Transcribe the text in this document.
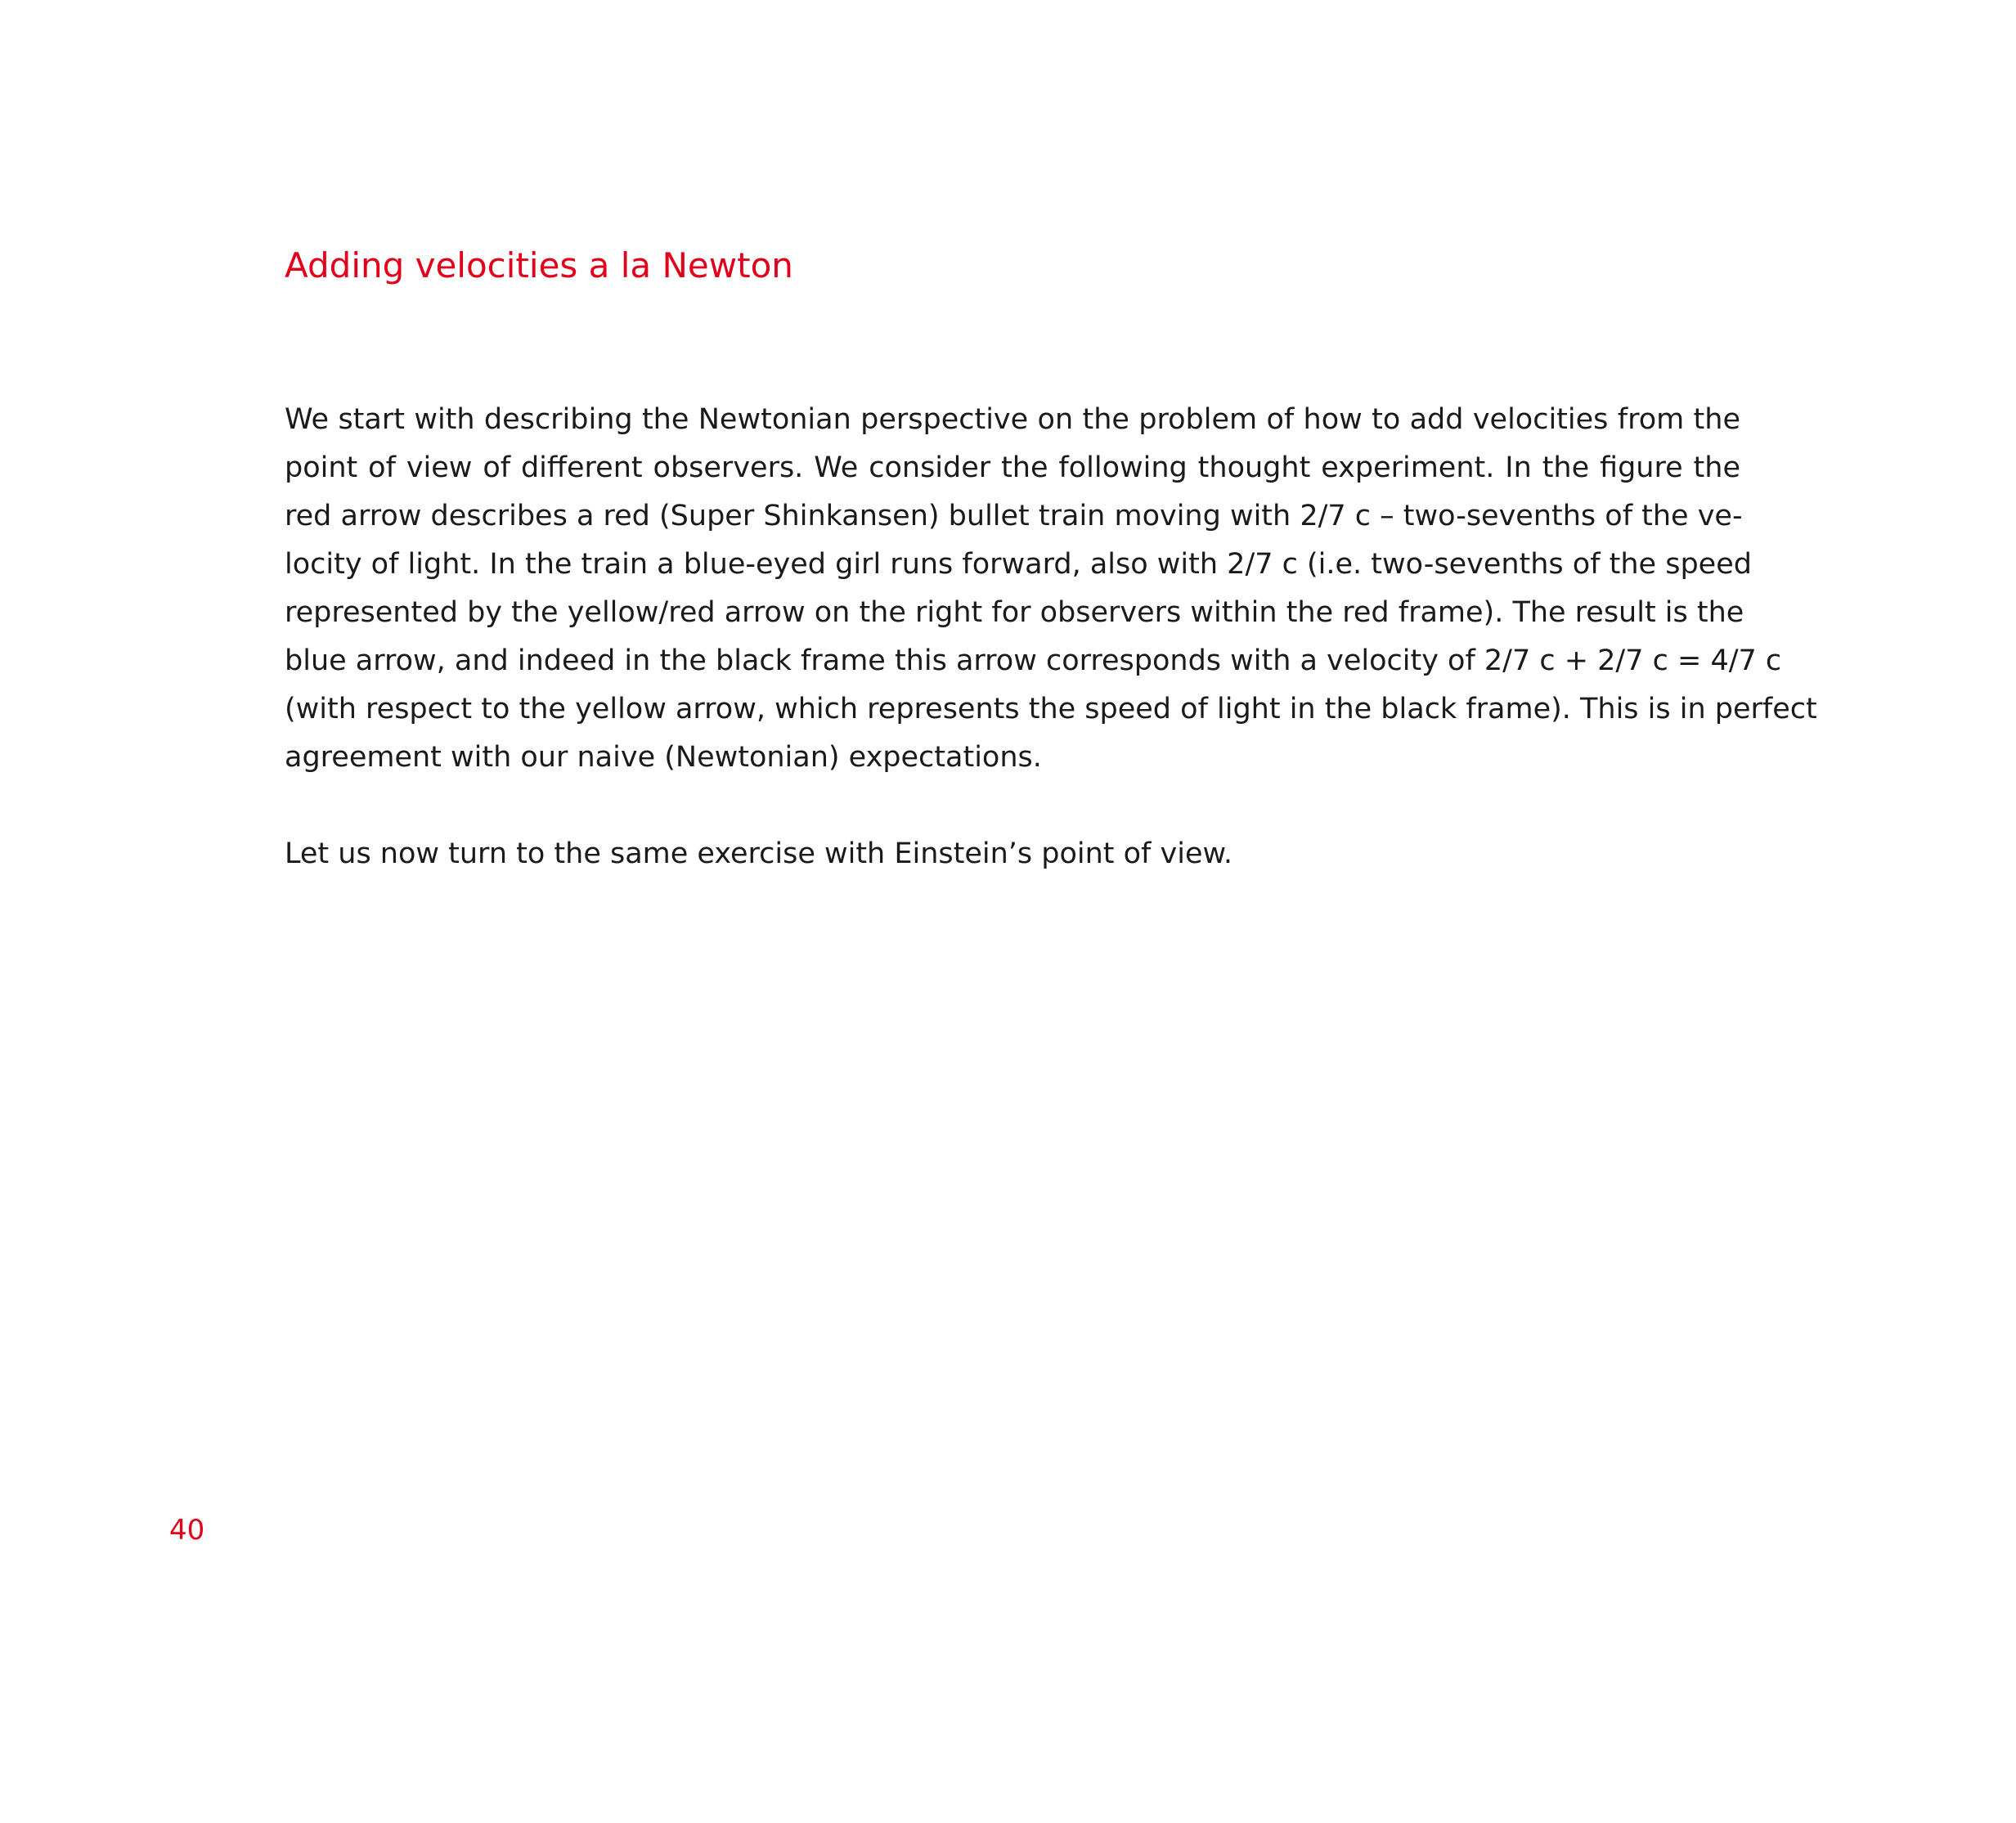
Adding velocities a la Newton

We start with describing the Newtonian perspective on the problem of how to add velocities from the
point of view of different observers. We consider the following thought experiment. In the figure the
red arrow describes a red (Super Shinkansen) bullet train moving with 2/7 c – two-sevenths of the ve-
locity of light. In the train a blue-eyed girl runs forward, also with 2/7 c (i.e. two-sevenths of the speed
represented by the yellow/red arrow on the right for observers within the red frame). The result is the
blue arrow, and indeed in the black frame this arrow corresponds with a velocity of 2/7 c + 2/7 c = 4/7 c
(with respect to the yellow arrow, which represents the speed of light in the black frame). This is in perfect
agreement with our naive (Newtonian) expectations.

Let us now turn to the same exercise with Einstein’s point of view.

40
